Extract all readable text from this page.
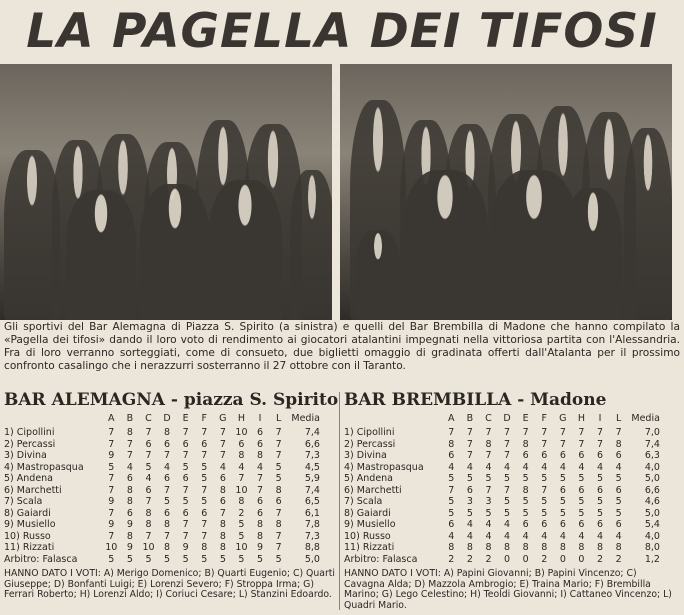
LA PAGELLA DEI TIFOSI
Gli sportivi del Bar Alemagna di Piazza S. Spirito (a sinistra) e quelli del Bar Brembilla di Madone che hanno compilato la «Pagella dei tifosi» dando il loro voto di rendimento ai giocatori atalantini impegnati nella vittoriosa partita con l'Alessandria. Fra di loro verranno sorteggiati, come di consueto, due biglietti omaggio di gradinata offerti dall'Atalanta per il prossimo confronto casalingo che i nerazzurri sosterranno il 27 ottobre con il Taranto.
BAR ALEMAGNA - piazza S. Spirito
A	B	C	D	E	F	G	H	I	L	Media
1) Cipollini	7	8	7	8	7	7	7	10	6	7	7,4
2) Percassi	7	7	6	6	6	6	7	6	6	7	6,6
3) Divina	9	7	7	7	7	7	7	8	8	7	7,3
4) Mastropasqua	5	4	5	4	5	5	4	4	4	5	4,5
5) Andena	7	6	4	6	6	5	6	7	7	5	5,9
6) Marchetti	7	8	6	7	7	7	8	10	7	8	7,4
7) Scala	9	8	7	5	5	5	6	8	6	6	6,5
8) Gaiardi	7	6	8	6	6	6	7	2	6	7	6,1
9) Musiello	9	9	8	8	7	7	8	5	8	8	7,8
10) Russo	7	8	7	7	7	7	8	5	8	7	7,3
11) Rizzati	10	9	10	8	9	8	8	10	9	7	8,8
Arbitro: Falasca	5	5	5	5	5	5	5	5	5	5	5,0
HANNO DATO I VOTI: A) Merigo Domenico; B) Quarti Eugenio; C) Quarti Giuseppe; D) Bonfanti Luigi; E) Lorenzi Severo; F) Stroppa Irma; G) Ferrari Roberto; H) Lorenzi Aldo; I) Coriuci Cesare; L) Stanzini Edoardo.
BAR BREMBILLA - Madone
A	B	C	D	E	F	G	H	I	L	Media
1) Cipollini	7	7	7	7	7	7	7	7	7	7	7,0
2) Percassi	8	7	8	7	8	7	7	7	7	8	7,4
3) Divina	6	7	7	7	6	6	6	6	6	6	6,3
4) Mastropasqua	4	4	4	4	4	4	4	4	4	4	4,0
5) Andena	5	5	5	5	5	5	5	5	5	5	5,0
6) Marchetti	7	6	7	7	8	7	6	6	6	6	6,6
7) Scala	5	3	3	5	5	5	5	5	5	5	4,6
8) Gaiardi	5	5	5	5	5	5	5	5	5	5	5,0
9) Musiello	6	4	4	4	6	6	6	6	6	6	5,4
10) Russo	4	4	4	4	4	4	4	4	4	4	4,0
11) Rizzati	8	8	8	8	8	8	8	8	8	8	8,0
Arbitro: Falasca	2	2	2	0	0	2	0	0	2	2	1,2
HANNO DATO I VOTI: A) Papini Giovanni; B) Papini Vincenzo; C) Cavagna Alda; D) Mazzola Ambrogio; E) Traina Mario; F) Brembilla Marino; G) Lego Celestino; H) Teoldi Giovanni; I) Cattaneo Vincenzo; L) Quadri Mario.
